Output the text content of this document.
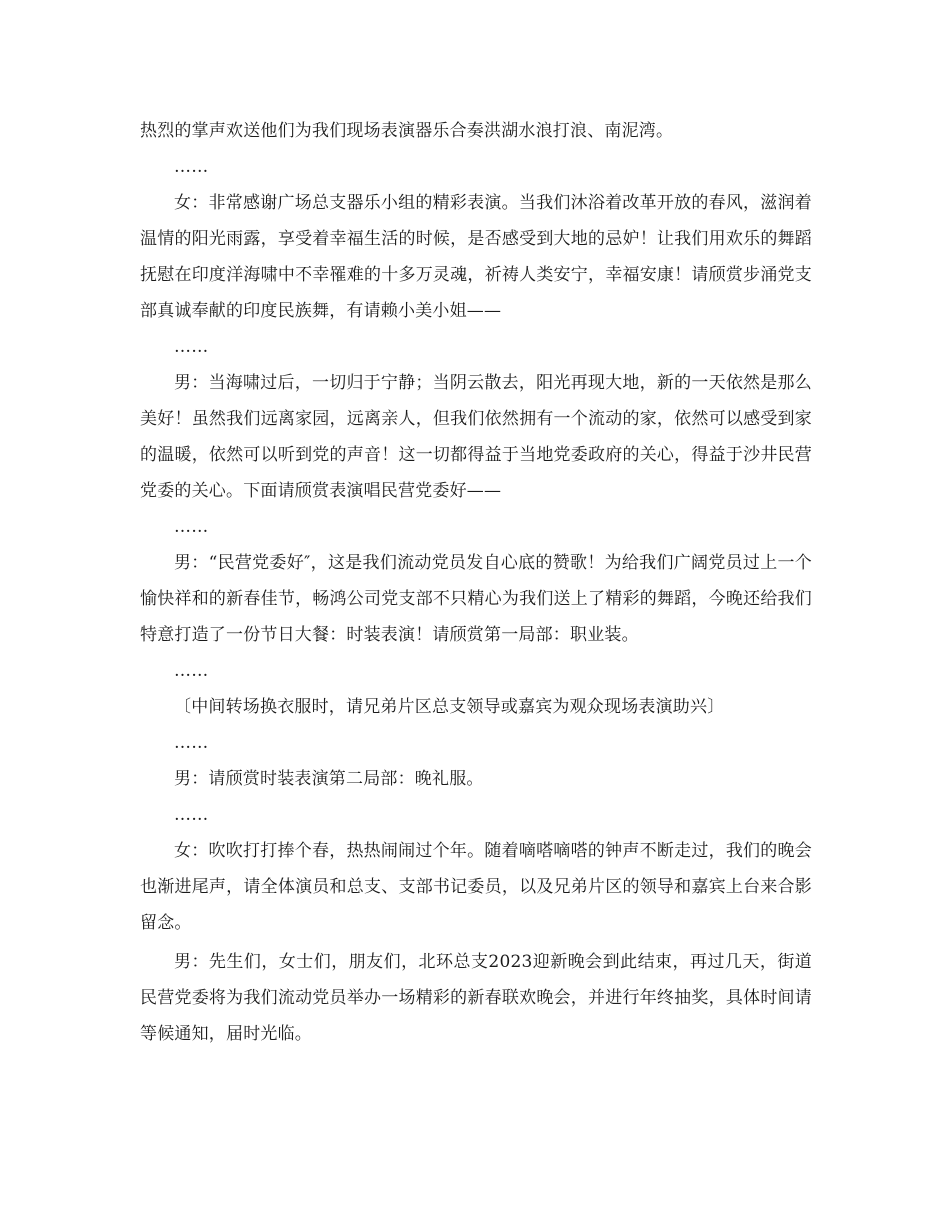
热烈的掌声欢送他们为我们现场表演器乐合奏洪湖水浪打浪、南泥湾。

……

女：非常感谢广场总支器乐小组的精彩表演。当我们沐浴着改革开放的春风，滋润着温情的阳光雨露，享受着幸福生活的时候，是否感受到大地的忌妒！让我们用欢乐的舞蹈抚慰在印度洋海啸中不幸罹难的十多万灵魂，祈祷人类安宁，幸福安康！请颀赏步涌党支部真诚奉献的印度民族舞，有请赖小美小姐——

……

男：当海啸过后，一切归于宁静；当阴云散去，阳光再现大地，新的一天依然是那么美好！虽然我们远离家园，远离亲人，但我们依然拥有一个流动的家，依然可以感受到家的温暖，依然可以听到党的声音！这一切都得益于当地党委政府的关心，得益于沙井民营党委的关心。下面请颀赏表演唱民营党委好——

……

男：“民营党委好″，这是我们流动党员发自心底的赞歌！为给我们广阔党员过上一个愉快祥和的新春佳节，畅鸿公司党支部不只精心为我们送上了精彩的舞蹈，今晚还给我们特意打造了一份节日大餐：时装表演！请颀赏第一局部：职业装。

……

〔中间转场换衣服时，请兄弟片区总支领导或嘉宾为观众现场表演助兴〕

……

男：请颀赏时装表演第二局部：晚礼服。

……

女：吹吹打打捧个春，热热闹闹过个年。随着嘀嗒嘀嗒的钟声不断走过，我们的晚会也渐进尾声，请全体演员和总支、支部书记委员，以及兄弟片区的领导和嘉宾上台来合影留念。

男：先生们，女士们，朋友们，北环总支2023迎新晚会到此结束，再过几天，街道民营党委将为我们流动党员举办一场精彩的新春联欢晚会，并进行年终抽奖，具体时间请等候通知，届时光临。
